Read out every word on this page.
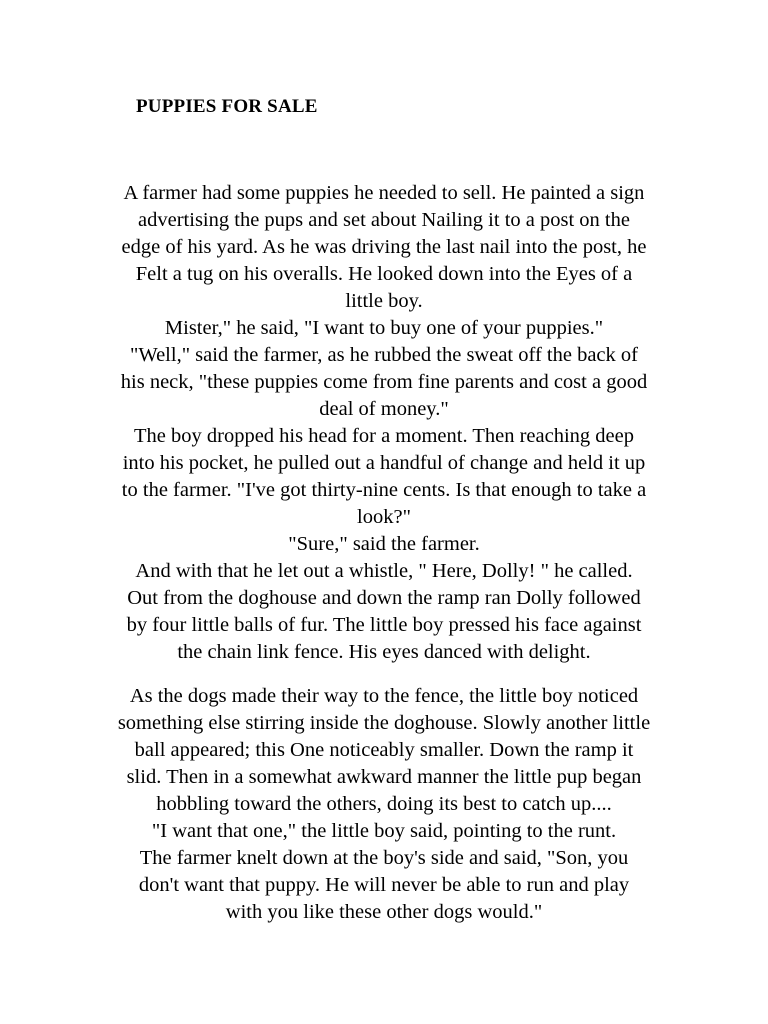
PUPPIES FOR SALE
A farmer had some puppies he needed to sell. He painted a sign
advertising the pups and set about Nailing it to a post on the
edge of his yard. As he was driving the last nail into the post, he
Felt a tug on his overalls. He looked down into the Eyes of a
little boy.
Mister," he said, "I want to buy one of your puppies."
"Well," said the farmer, as he rubbed the sweat off the back of
his neck, "these puppies come from fine parents and cost a good
deal of money."
The boy dropped his head for a moment. Then reaching deep
into his pocket, he pulled out a handful of change and held it up
to the farmer. "I've got thirty-nine cents. Is that enough to take a
look?"
"Sure," said the farmer.
And with that he let out a whistle, " Here, Dolly! " he called.
Out from the doghouse and down the ramp ran Dolly followed
by four little balls of fur. The little boy pressed his face against
the chain link fence. His eyes danced with delight.
As the dogs made their way to the fence, the little boy noticed
something else stirring inside the doghouse. Slowly another little
ball appeared; this One noticeably smaller. Down the ramp it
slid. Then in a somewhat awkward manner the little pup began
hobbling toward the others, doing its best to catch up....
"I want that one," the little boy said, pointing to the runt.
The farmer knelt down at the boy's side and said, "Son, you
don't want that puppy. He will never be able to run and play
with you like these other dogs would."
